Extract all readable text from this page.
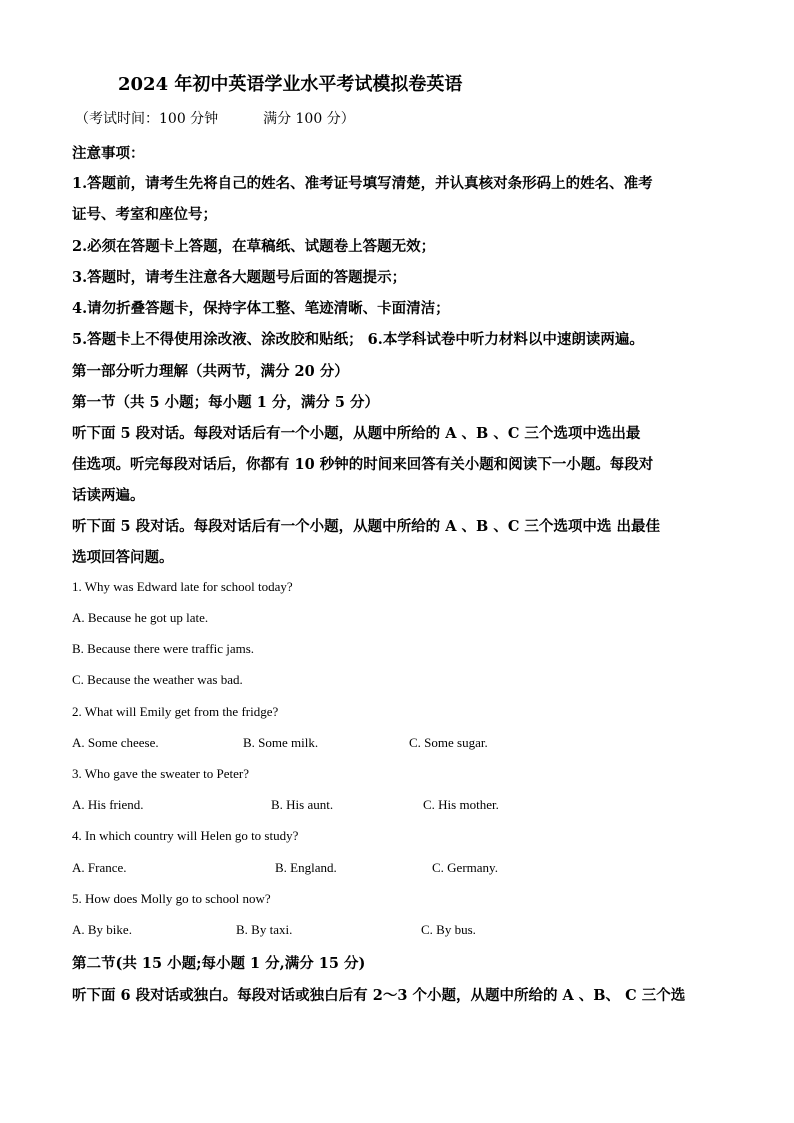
2024 年初中英语学业水平考试模拟卷英语
（考试时间：100 分钟	满分 100 分）
注意事项：
1.答题前，请考生先将自己的姓名、准考证号填写清楚，并认真核对条形码上的姓名、准考
证号、考室和座位号；
2.必须在答题卡上答题，在草稿纸、试题卷上答题无效；
3.答题时，请考生注意各大题题号后面的答题提示；
4.请勿折叠答题卡，保持字体工整、笔迹清晰、卡面清洁；
5.答题卡上不得使用涂改液、涂改胶和贴纸； 6.本学科试卷中听力材料以中速朗读两遍。
第一部分听力理解（共两节，满分 20 分）
第一节（共 5 小题；每小题 1 分，满分 5 分）
听下面 5 段对话。每段对话后有一个小题，从题中所给的 A 、B 、C 三个选项中选出最
佳选项。听完每段对话后，你都有 10 秒钟的时间来回答有关小题和阅读下一小题。每段对
话读两遍。
听下面 5 段对话。每段对话后有一个小题，从题中所给的 A 、B 、C 三个选项中选 出最佳
选项回答问题。
1. Why was Edward late for school today?
A. Because he got up late.
B. Because there were traffic jams.
C. Because the weather was bad.
2. What will Emily get from the fridge?
A. Some cheese.	B. Some milk.	C. Some sugar.
3. Who gave the sweater to Peter?
A. His friend.	B. His aunt.	C. His mother.
4. In which country will Helen go to study?
A. France.	B. England.	C. Germany.
5. How does Molly go to school now?
A. By bike.	B. By taxi.	C. By bus.
第二节(共 15 小题;每小题 1 分,满分 15 分)
听下面 6 段对话或独白。每段对话或独白后有 2～3 个小题，从题中所给的 A 、B、 C 三个选
